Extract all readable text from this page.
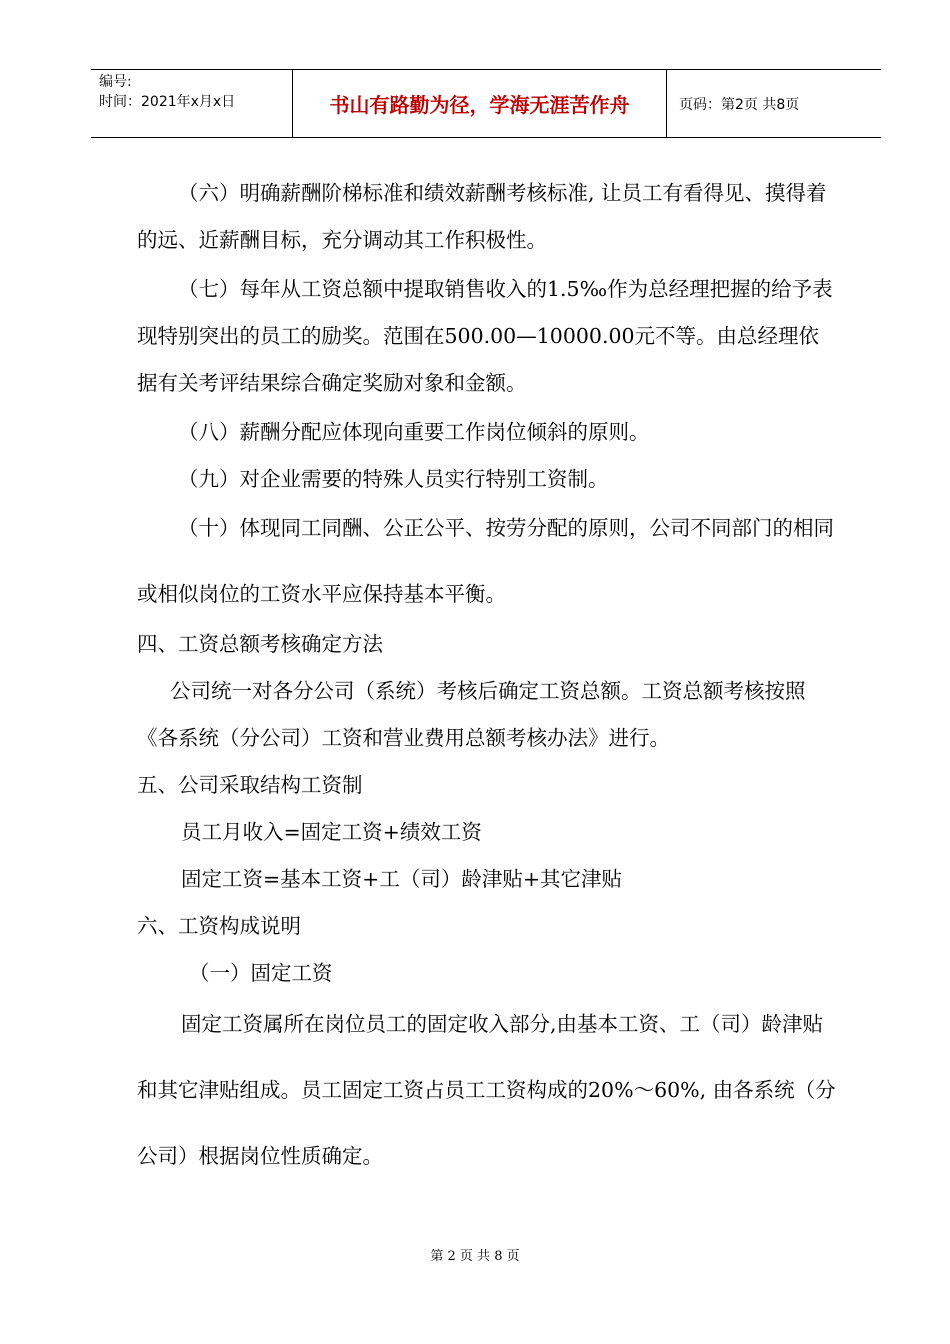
编号:
时间：2021年x月x日	书山有路勤为径，学海无涯苦作舟	页码：第2页 共8页

（六）明确薪酬阶梯标准和绩效薪酬考核标准, 让员工有看得见、摸得着的远、近薪酬目标，充分调动其工作积极性。

（七）每年从工资总额中提取销售收入的1.5‰作为总经理把握的给予表现特别突出的员工的励奖。范围在500.00—10000.00元不等。由总经理依据有关考评结果综合确定奖励对象和金额。

（八）薪酬分配应体现向重要工作岗位倾斜的原则。

（九）对企业需要的特殊人员实行特别工资制。

（十）体现同工同酬、公正公平、按劳分配的原则，公司不同部门的相同或相似岗位的工资水平应保持基本平衡。

四、工资总额考核确定方法

公司统一对各分公司（系统）考核后确定工资总额。工资总额考核按照《各系统（分公司）工资和营业费用总额考核办法》进行。

五、公司采取结构工资制

员工月收入=固定工资+绩效工资

固定工资=基本工资+工（司）龄津贴+其它津贴

六、工资构成说明

（一）固定工资

固定工资属所在岗位员工的固定收入部分,由基本工资、工（司）龄津贴和其它津贴组成。员工固定工资占员工工资构成的20%～60%, 由各系统（分公司）根据岗位性质确定。

第 2 页 共 8 页
